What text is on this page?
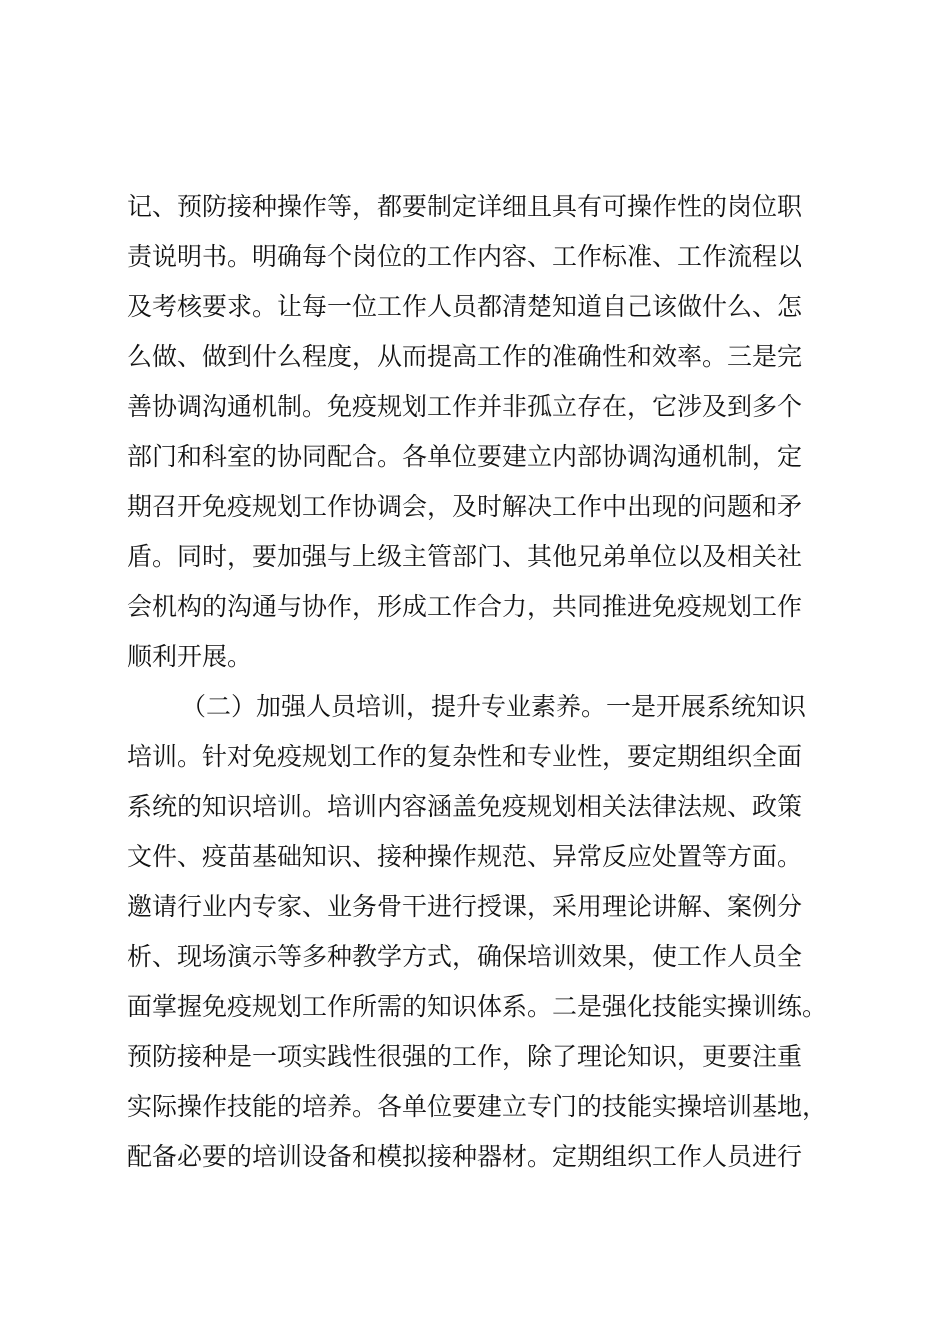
记、预防接种操作等，都要制定详细且具有可操作性的岗位职
责说明书。明确每个岗位的工作内容、工作标准、工作流程以
及考核要求。让每一位工作人员都清楚知道自己该做什么、怎
么做、做到什么程度，从而提高工作的准确性和效率。三是完
善协调沟通机制。免疫规划工作并非孤立存在，它涉及到多个
部门和科室的协同配合。各单位要建立内部协调沟通机制，定
期召开免疫规划工作协调会，及时解决工作中出现的问题和矛
盾。同时，要加强与上级主管部门、其他兄弟单位以及相关社
会机构的沟通与协作，形成工作合力，共同推进免疫规划工作
顺利开展。
（二）加强人员培训，提升专业素养。一是开展系统知识
培训。针对免疫规划工作的复杂性和专业性，要定期组织全面
系统的知识培训。培训内容涵盖免疫规划相关法律法规、政策
文件、疫苗基础知识、接种操作规范、异常反应处置等方面。
邀请行业内专家、业务骨干进行授课，采用理论讲解、案例分
析、现场演示等多种教学方式，确保培训效果，使工作人员全
面掌握免疫规划工作所需的知识体系。二是强化技能实操训练。
预防接种是一项实践性很强的工作，除了理论知识，更要注重
实际操作技能的培养。各单位要建立专门的技能实操培训基地，
配备必要的培训设备和模拟接种器材。定期组织工作人员进行
